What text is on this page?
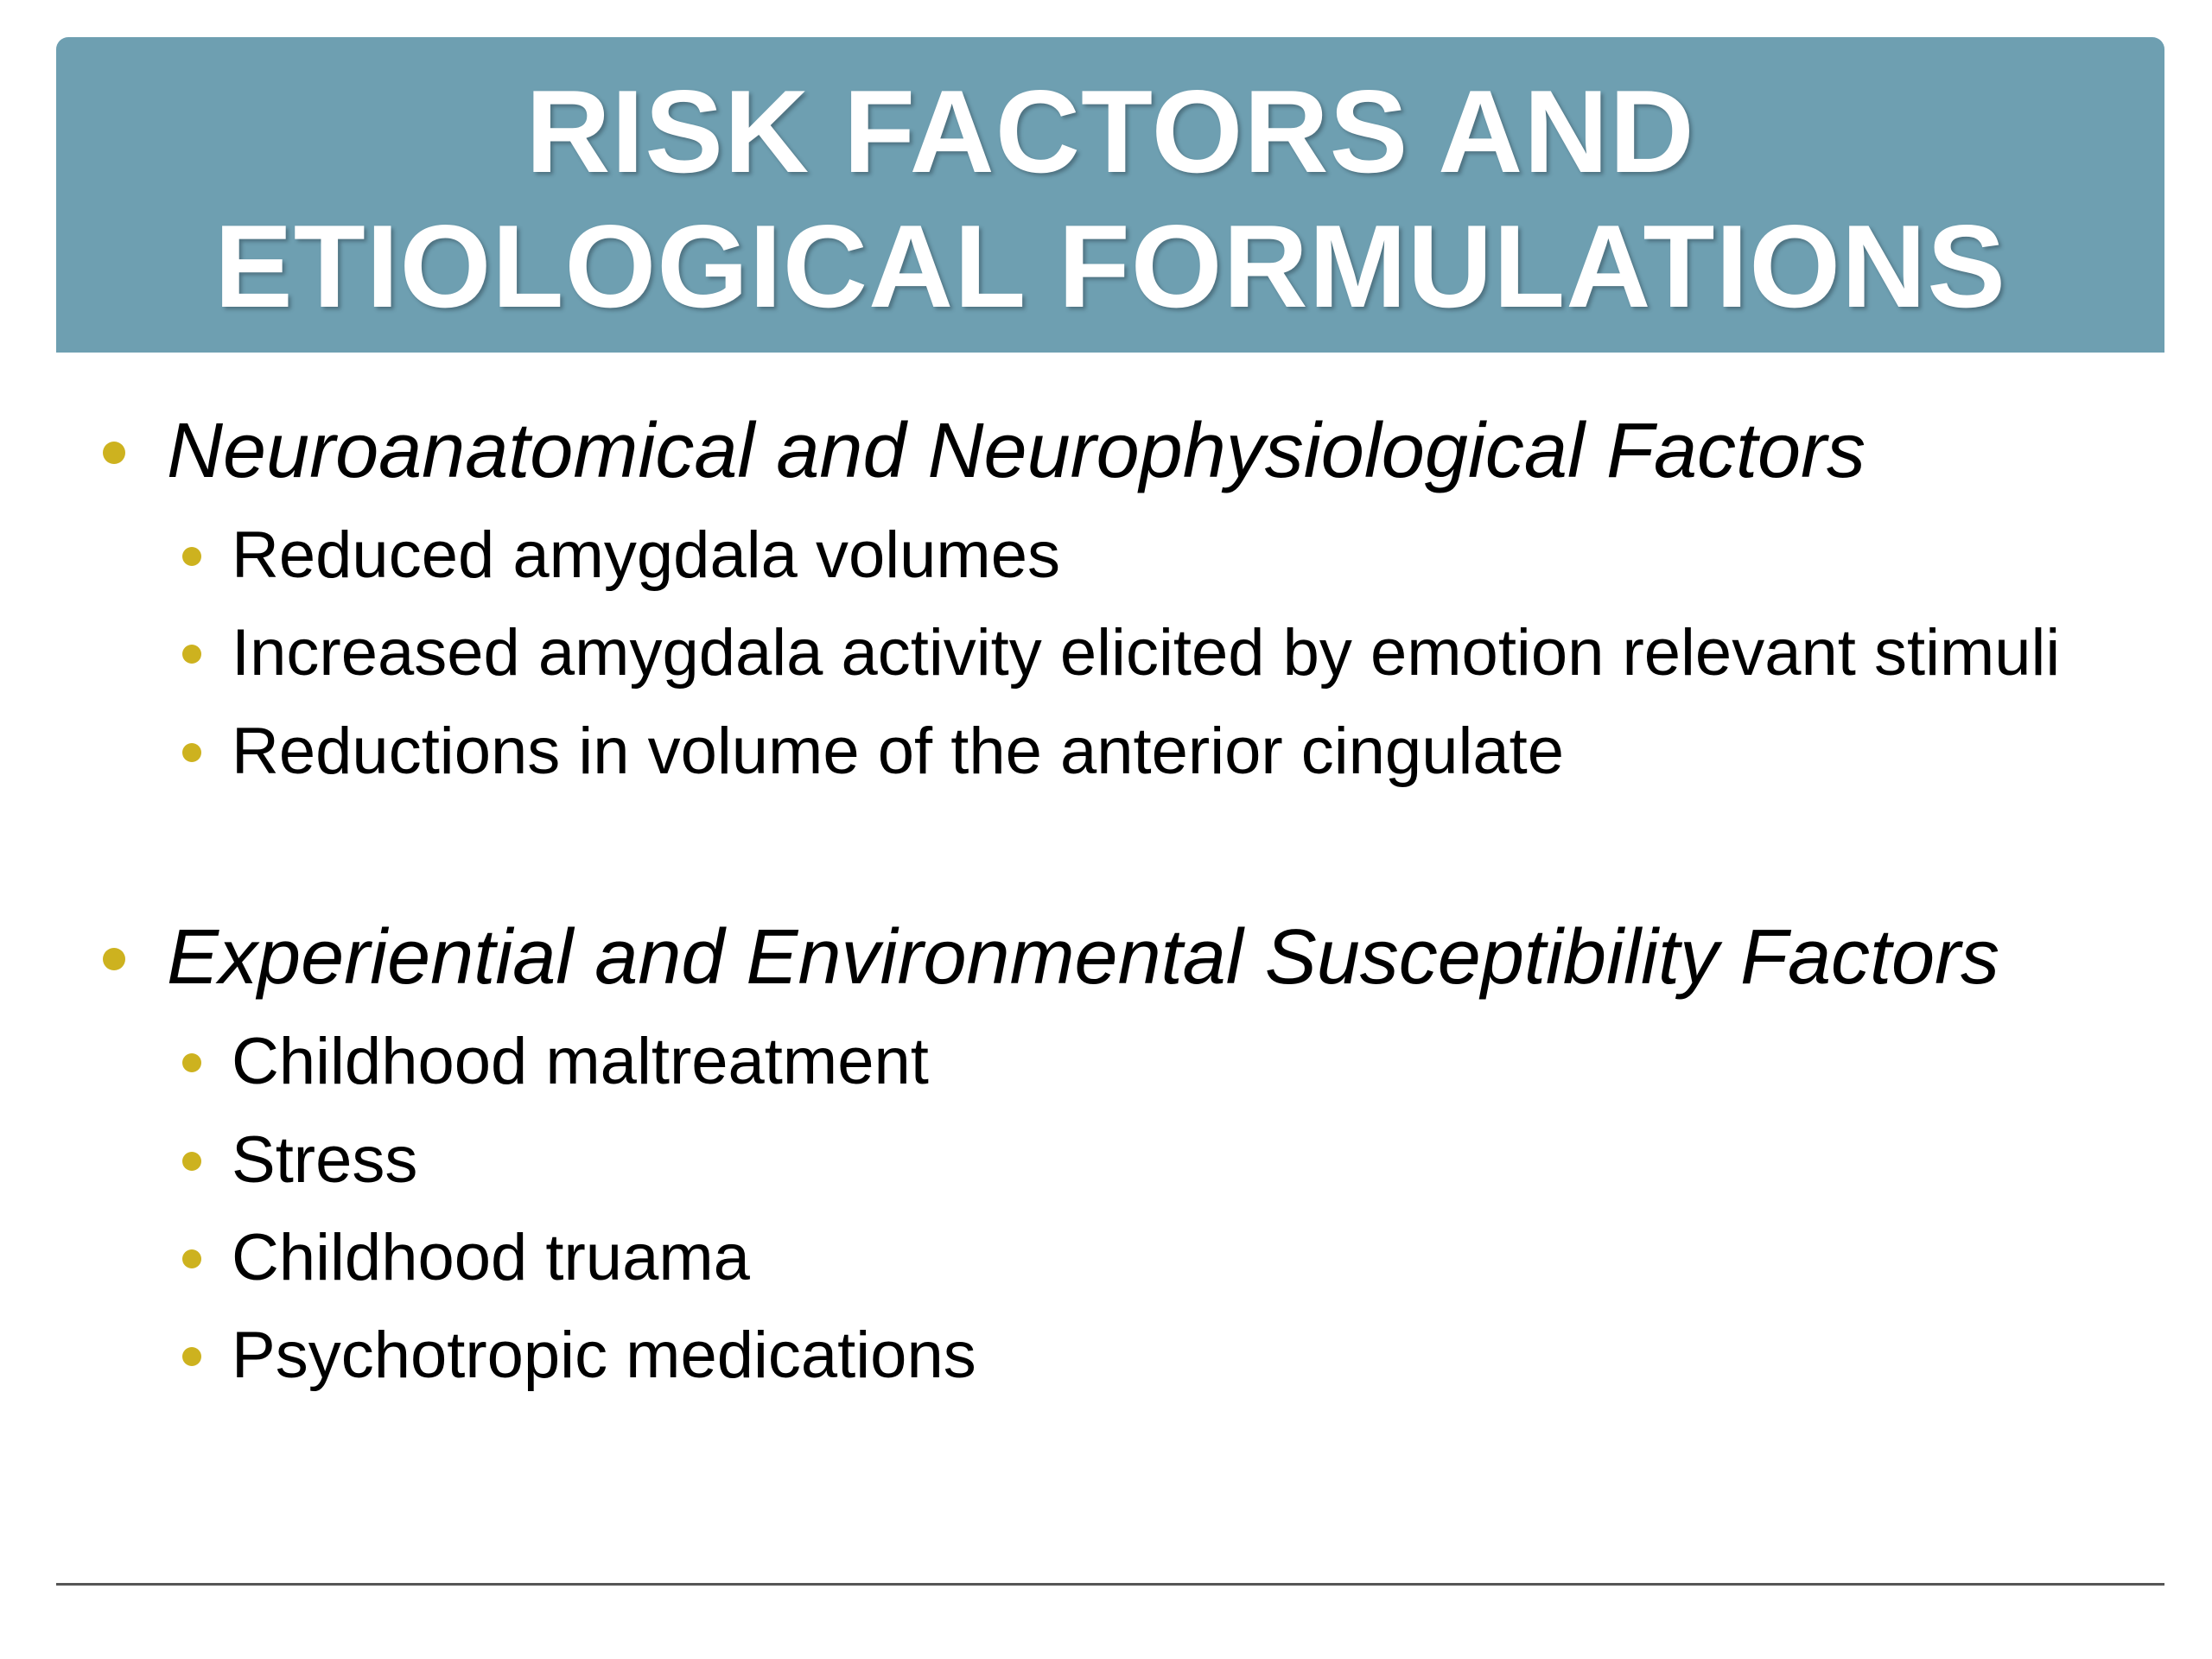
RISK FACTORS AND
ETIOLOGICAL FORMULATIONS
Neuroanatomical and Neurophysiological Factors
Reduced amygdala volumes
Increased amygdala activity elicited by emotion relevant stimuli
Reductions in volume of the anterior cingulate
Experiential and Environmental Susceptibility Factors
Childhood maltreatment
Stress
Childhood truama
Psychotropic medications
